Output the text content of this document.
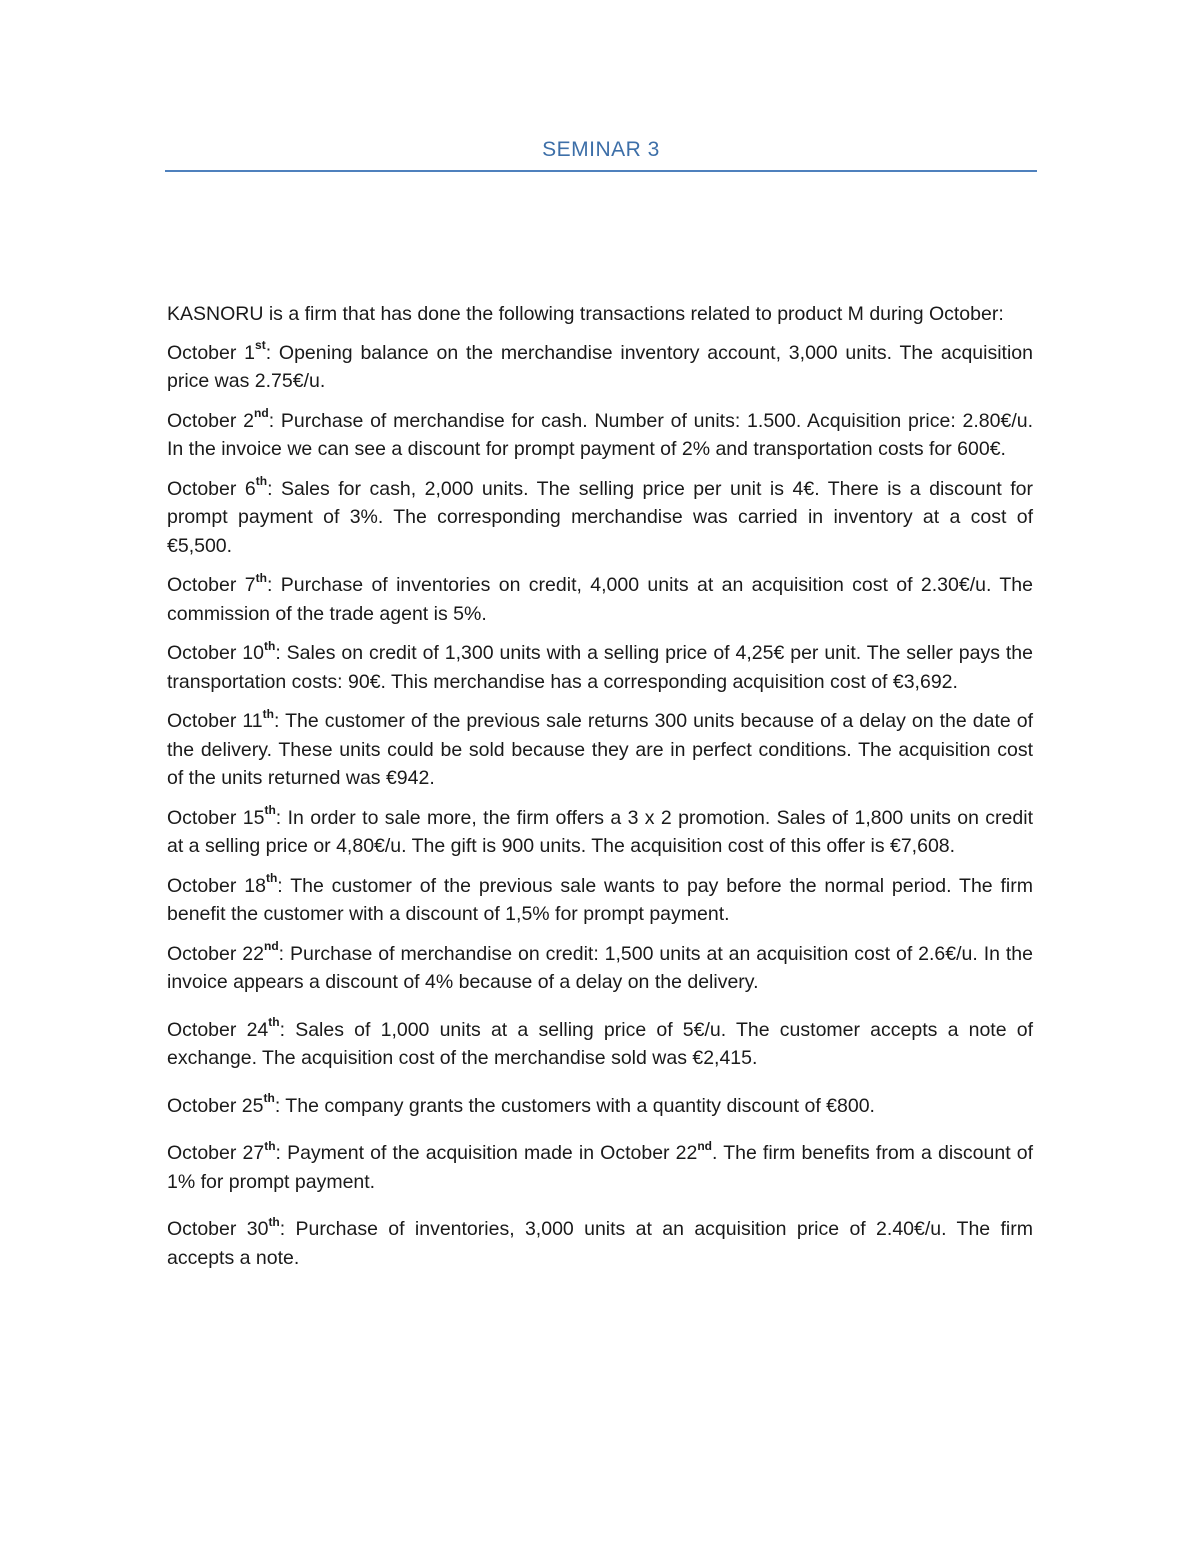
SEMINAR 3

KASNORU is a firm that has done the following transactions related to product M during October:

October 1st: Opening balance on the merchandise inventory account, 3,000 units. The acquisition price was 2.75€/u.

October 2nd: Purchase of merchandise for cash. Number of units: 1.500. Acquisition price: 2.80€/u. In the invoice we can see a discount for prompt payment of 2% and transportation costs for 600€.

October 6th: Sales for cash, 2,000 units. The selling price per unit is 4€. There is a discount for prompt payment of 3%. The corresponding merchandise was carried in inventory at a cost of €5,500.

October 7th: Purchase of inventories on credit, 4,000 units at an acquisition cost of 2.30€/u. The commission of the trade agent is 5%.

October 10th: Sales on credit of 1,300 units with a selling price of 4,25€ per unit. The seller pays the transportation costs: 90€. This merchandise has a corresponding acquisition cost of €3,692.

October 11th: The customer of the previous sale returns 300 units because of a delay on the date of the delivery. These units could be sold because they are in perfect conditions. The acquisition cost of the units returned was €942.

October 15th: In order to sale more, the firm offers a 3 x 2 promotion. Sales of 1,800 units on credit at a selling price or 4,80€/u. The gift is 900 units. The acquisition cost of this offer is €7,608.

October 18th: The customer of the previous sale wants to pay before the normal period. The firm benefit the customer with a discount of 1,5% for prompt payment.

October 22nd: Purchase of merchandise on credit: 1,500 units at an acquisition cost of 2.6€/u. In the invoice appears a discount of 4% because of a delay on the delivery.

October 24th: Sales of 1,000 units at a selling price of 5€/u. The customer accepts a note of exchange. The acquisition cost of the merchandise sold was €2,415.

October 25th: The company grants the customers with a quantity discount of €800.

October 27th: Payment of the acquisition made in October 22nd. The firm benefits from a discount of 1% for prompt payment.

October 30th: Purchase of inventories, 3,000 units at an acquisition price of 2.40€/u. The firm accepts a note.
